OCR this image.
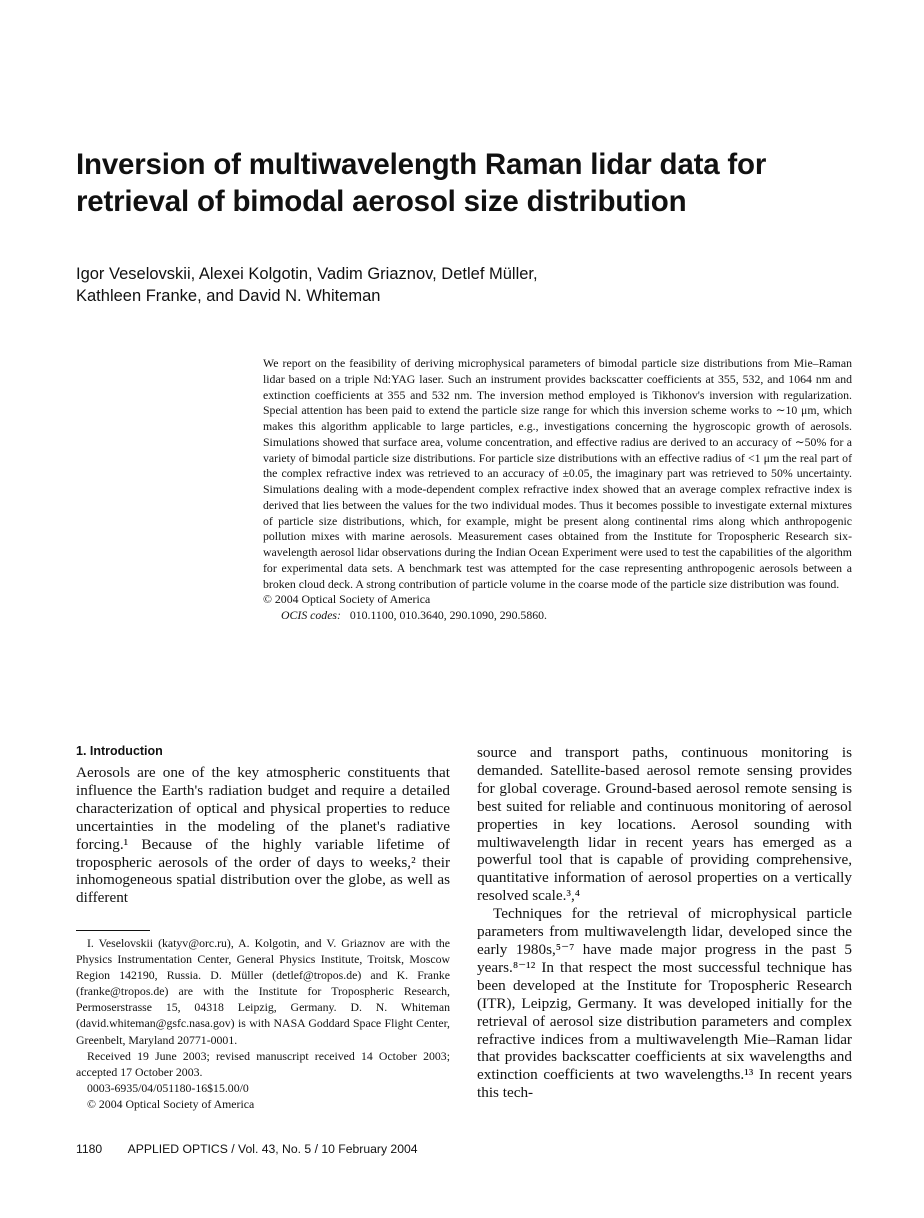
Inversion of multiwavelength Raman lidar data for
retrieval of bimodal aerosol size distribution
Igor Veselovskii, Alexei Kolgotin, Vadim Griaznov, Detlef Müller,
Kathleen Franke, and David N. Whiteman

We report on the feasibility of deriving microphysical parameters of bimodal particle size distributions from Mie–Raman lidar based on a triple Nd:YAG laser. Such an instrument provides backscatter coefficients at 355, 532, and 1064 nm and extinction coefficients at 355 and 532 nm. The inversion method employed is Tikhonov's inversion with regularization. Special attention has been paid to extend the particle size range for which this inversion scheme works to ∼10 μm, which makes this algorithm applicable to large particles, e.g., investigations concerning the hygroscopic growth of aerosols. Simulations showed that surface area, volume concentration, and effective radius are derived to an accuracy of ∼50% for a variety of bimodal particle size distributions. For particle size distributions with an effective radius of <1 μm the real part of the complex refractive index was retrieved to an accuracy of ±0.05, the imaginary part was retrieved to 50% uncertainty. Simulations dealing with a mode-dependent complex refractive index showed that an average complex refractive index is derived that lies between the values for the two individual modes. Thus it becomes possible to investigate external mixtures of particle size distributions, which, for example, might be present along continental rims along which anthropogenic pollution mixes with marine aerosols. Measurement cases obtained from the Institute for Tropospheric Research six-wavelength aerosol lidar observations during the Indian Ocean Experiment were used to test the capabilities of the algorithm for experimental data sets. A benchmark test was attempted for the case representing anthropogenic aerosols between a broken cloud deck. A strong contribution of particle volume in the coarse mode of the particle size distribution was found.

© 2004 Optical Society of America

OCIS codes: 010.1100, 010.3640, 290.1090, 290.5860.

1. Introduction

Aerosols are one of the key atmospheric constituents that influence the Earth's radiation budget and require a detailed characterization of optical and physical properties to reduce uncertainties in the modeling of the planet's radiative forcing.¹ Because of the highly variable lifetime of tropospheric aerosols of the order of days to weeks,² their inhomogeneous spatial distribution over the globe, as well as different

I. Veselovskii (katyv@orc.ru), A. Kolgotin, and V. Griaznov are with the Physics Instrumentation Center, General Physics Institute, Troitsk, Moscow Region 142190, Russia. D. Müller (detlef@tropos.de) and K. Franke (franke@tropos.de) are with the Institute for Tropospheric Research, Permoserstrasse 15, 04318 Leipzig, Germany. D. N. Whiteman (david.whiteman@gsfc.nasa.gov) is with NASA Goddard Space Flight Center, Greenbelt, Maryland 20771-0001.

Received 19 June 2003; revised manuscript received 14 October 2003; accepted 17 October 2003.

0003-6935/04/051180-16$15.00/0

© 2004 Optical Society of America

source and transport paths, continuous monitoring is demanded. Satellite-based aerosol remote sensing provides for global coverage. Ground-based aerosol remote sensing is best suited for reliable and continuous monitoring of aerosol properties in key locations. Aerosol sounding with multiwavelength lidar in recent years has emerged as a powerful tool that is capable of providing comprehensive, quantitative information of aerosol properties on a vertically resolved scale.³,⁴

Techniques for the retrieval of microphysical particle parameters from multiwavelength lidar, developed since the early 1980s,⁵⁻⁷ have made major progress in the past 5 years.⁸⁻¹² In that respect the most successful technique has been developed at the Institute for Tropospheric Research (ITR), Leipzig, Germany. It was developed initially for the retrieval of aerosol size distribution parameters and complex refractive indices from a multiwavelength Mie–Raman lidar that provides backscatter coefficients at six wavelengths and extinction coefficients at two wavelengths.¹³ In recent years this tech-

1180 APPLIED OPTICS / Vol. 43, No. 5 / 10 February 2004
